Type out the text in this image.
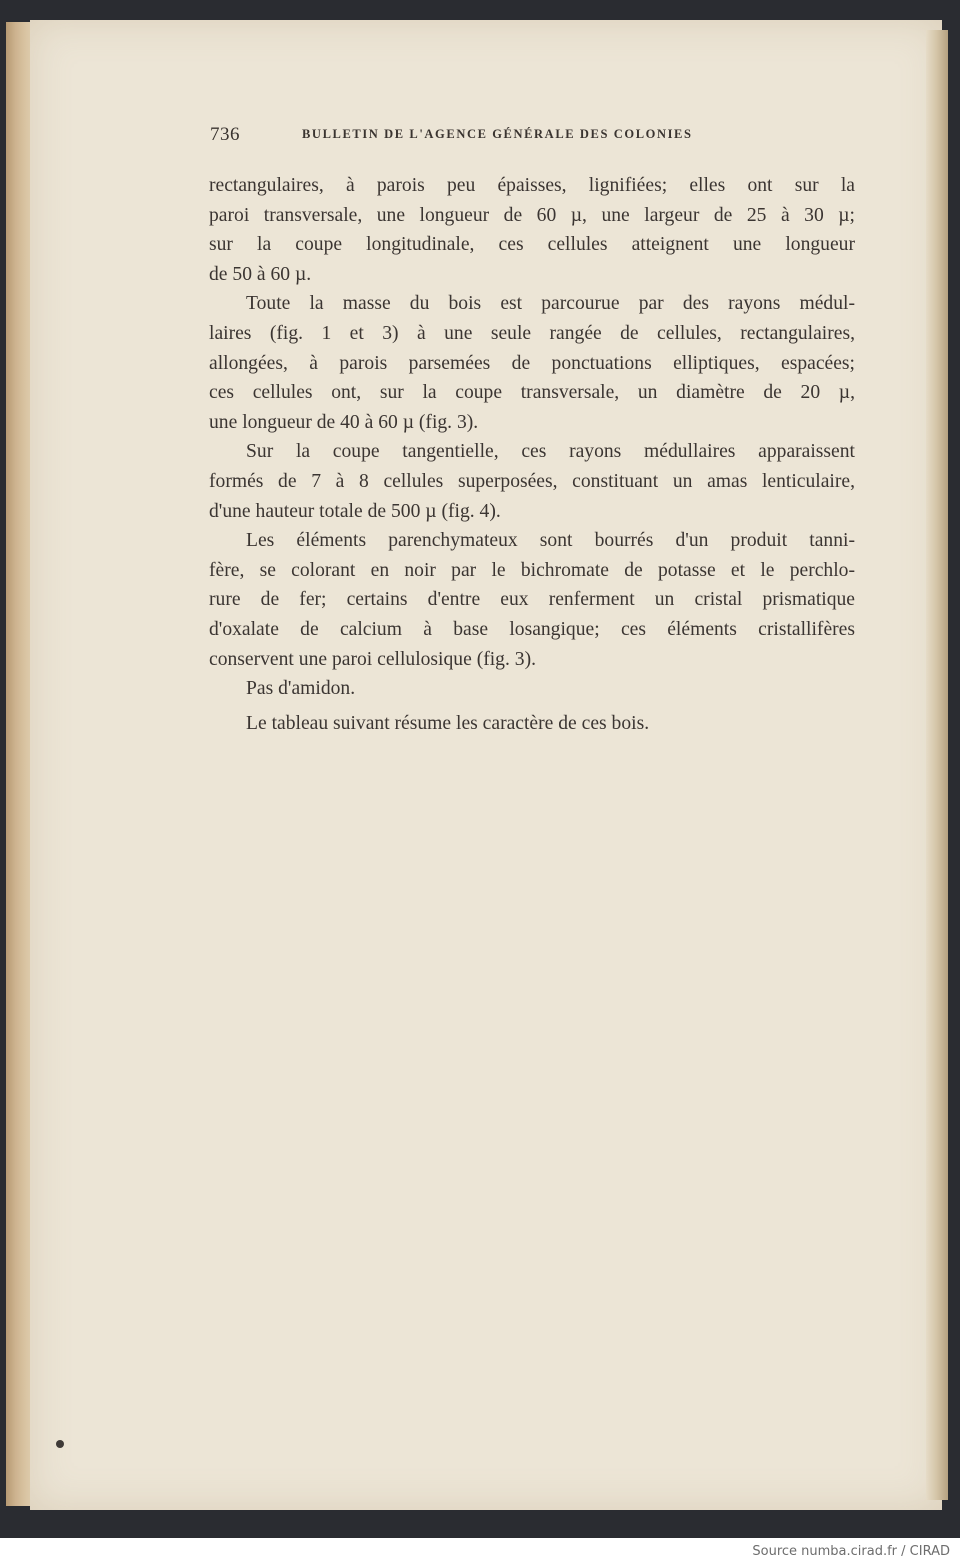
736	BULLETIN DE L'AGENCE GÉNÉRALE DES COLONIES
rectangulaires, à parois peu épaisses, lignifiées; elles ont sur la
paroi transversale, une longueur de 60 µ, une largeur de 25 à 30 µ;
sur la coupe longitudinale, ces cellules atteignent une longueur
de 50 à 60 µ.
Toute la masse du bois est parcourue par des rayons médul-
laires (fig. 1 et 3) à une seule rangée de cellules, rectangulaires,
allongées, à parois parsemées de ponctuations elliptiques, espacées;
ces cellules ont, sur la coupe transversale, un diamètre de 20 µ,
une longueur de 40 à 60 µ (fig. 3).
Sur la coupe tangentielle, ces rayons médullaires apparaissent
formés de 7 à 8 cellules superposées, constituant un amas lenticulaire,
d'une hauteur totale de 500 µ (fig. 4).
Les éléments parenchymateux sont bourrés d'un produit tanni-
fère, se colorant en noir par le bichromate de potasse et le perchlo-
rure de fer; certains d'entre eux renferment un cristal prismatique
d'oxalate de calcium à base losangique; ces éléments cristallifères
conservent une paroi cellulosique (fig. 3).
Pas d'amidon.
Le tableau suivant résume les caractère de ces bois.
Source numba.cirad.fr / CIRAD
